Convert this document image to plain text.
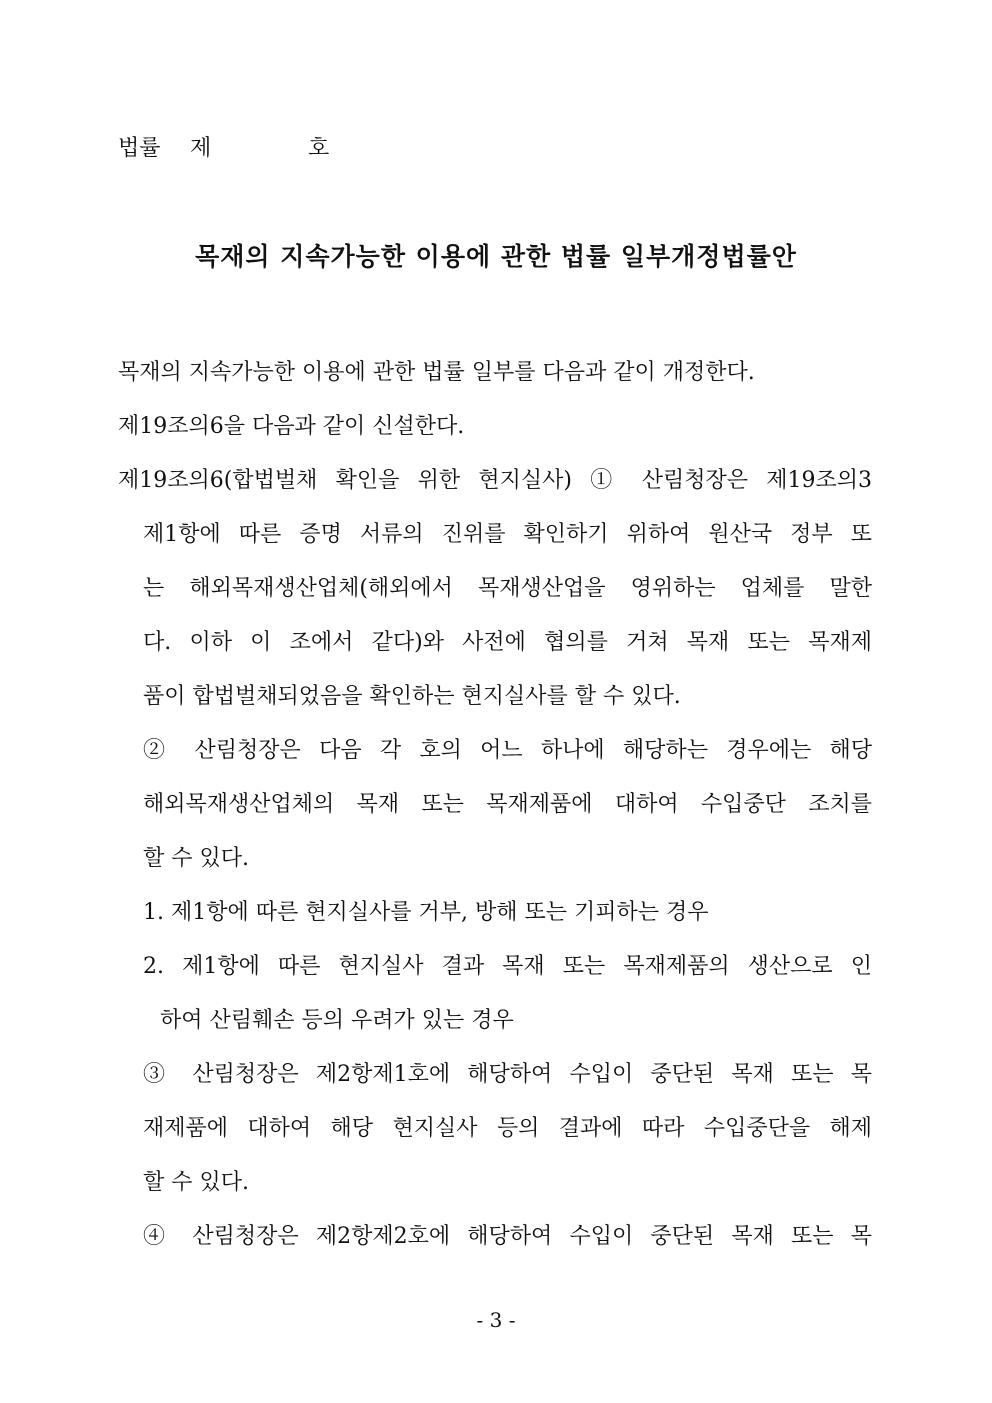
법률 제	호
목재의 지속가능한 이용에 관한 법률 일부개정법률안
목재의 지속가능한 이용에 관한 법률 일부를 다음과 같이 개정한다.
제19조의6을 다음과 같이 신설한다.
제19조의6(합법벌채 확인을 위한 현지실사) ① 산림청장은 제19조의3
제1항에 따른 증명 서류의 진위를 확인하기 위하여 원산국 정부 또
는 해외목재생산업체(해외에서 목재생산업을 영위하는 업체를 말한
다. 이하 이 조에서 같다)와 사전에 협의를 거쳐 목재 또는 목재제
품이 합법벌채되었음을 확인하는 현지실사를 할 수 있다.
② 산림청장은 다음 각 호의 어느 하나에 해당하는 경우에는 해당
해외목재생산업체의 목재 또는 목재제품에 대하여 수입중단 조치를
할 수 있다.
1. 제1항에 따른 현지실사를 거부, 방해 또는 기피하는 경우
2. 제1항에 따른 현지실사 결과 목재 또는 목재제품의 생산으로 인
하여 산림훼손 등의 우려가 있는 경우
③ 산림청장은 제2항제1호에 해당하여 수입이 중단된 목재 또는 목
재제품에 대하여 해당 현지실사 등의 결과에 따라 수입중단을 해제
할 수 있다.
④ 산림청장은 제2항제2호에 해당하여 수입이 중단된 목재 또는 목
- 3 -
